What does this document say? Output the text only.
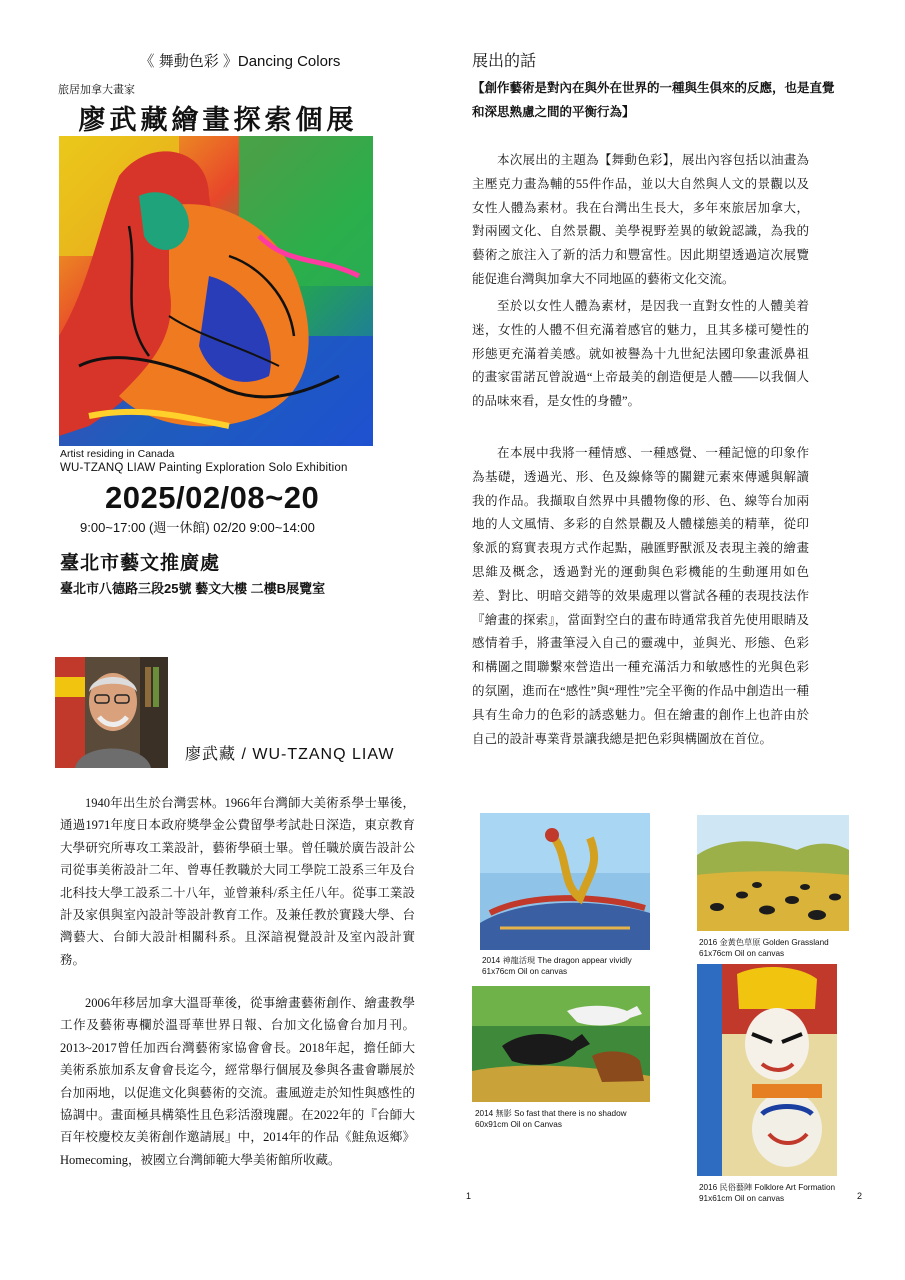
《 舞動色彩 》Dancing Colors
旅居加拿大畫家
廖武藏繪畫探索個展
Artist residing in Canada
WU-TZANQ LIAW Painting Exploration Solo Exhibition
2025/02/08~20
9:00~17:00 (週一休館) 02/20 9:00~14:00
臺北市藝文推廣處
臺北市八德路三段25號 藝文大樓 二樓B展覽室
廖武藏 / WU-TZANQ LIAW
1940年出生於台灣雲林。1966年台灣師大美術系學士畢後，通過1971年度日本政府獎學金公費留學考試赴日深造，東京教育大學研究所專攻工業設計，藝術學碩士畢。曾任職於廣告設計公司從事美術設計二年、曾專任教職於大同工學院工設系三年及台北科技大學工設系二十八年，並曾兼科/系主任八年。從事工業設計及家俱與室內設計等設計教育工作。及兼任教於實踐大學、台灣藝大、台師大設計相關科系。且深諳視覺設計及室內設計實務。
2006年移居加拿大溫哥華後，從事繪畫藝術創作、繪畫教學工作及藝術專欄於溫哥華世界日報、台加文化協會台加月刊。2013~2017曾任加西台灣藝術家協會會長。2018年起，擔任師大美術系旅加系友會會長迄今，經常舉行個展及參與各畫會聯展於台加兩地，以促進文化與藝術的交流。畫風遊走於知性與感性的協調中。畫面極具構築性且色彩活潑瑰麗。在2022年的『台師大百年校慶校友美術創作邀請展』中，2014年的作品《鮭魚返鄉》Homecoming，被國立台灣師範大學美術館所收藏。
展出的話
【創作藝術是對內在與外在世界的一種與生俱來的反應，也是直覺和深思熟慮之間的平衡行為】
本次展出的主題為【舞動色彩】，展出內容包括以油畫為主壓克力畫為輔的55件作品，並以大自然與人文的景觀以及女性人體為素材。我在台灣出生長大，多年來旅居加拿大，對兩國文化、自然景觀、美學視野差異的敏銳認識，為我的藝術之旅注入了新的活力和豐富性。因此期望透過這次展覽能促進台灣與加拿大不同地區的藝術文化交流。
至於以女性人體為素材，是因我一直對女性的人體美着迷，女性的人體不但充滿着感官的魅力，且其多樣可變性的形態更充滿着美感。就如被譽為十九世紀法國印象畫派鼻祖的畫家雷諾瓦曾說過“上帝最美的創造便是人體——以我個人的品味來看，是女性的身體”。
在本展中我將一種情感、一種感覺、一種記憶的印象作為基礎，透過光、形、色及線條等的關鍵元素來傳遞與解讀我的作品。我擷取自然界中具體物像的形、色、線等台加兩地的人文風情、多彩的自然景觀及人體樣態美的精華，從印象派的寫實表現方式作起點，融匯野獸派及表現主義的繪畫思維及概念，透過對光的運動與色彩機能的生動運用如色差、對比、明暗交錯等的效果處理以嘗試各種的表現技法作『繪畫的探索』，當面對空白的畫布時通常我首先使用眼睛及感情着手，將畫筆浸入自己的靈魂中，並與光、形態、色彩和構圖之間聯繫來營造出一種充滿活力和敏感性的光與色彩的氛圍，進而在“感性”與“理性”完全平衡的作品中創造出一種具有生命力的色彩的誘惑魅力。但在繪畫的創作上也許由於自己的設計專業背景讓我總是把色彩與構圖放在首位。
2014 神龍活現 The dragon appear vividly
61x76cm Oil on canvas
2016 金黃色草原 Golden Grassland
61x76cm Oil on canvas
2014 無影 So fast that there is no shadow
60x91cm Oil on Canvas
2016 民俗藝陣 Folklore Art Formation
91x61cm Oil on canvas
1	2
